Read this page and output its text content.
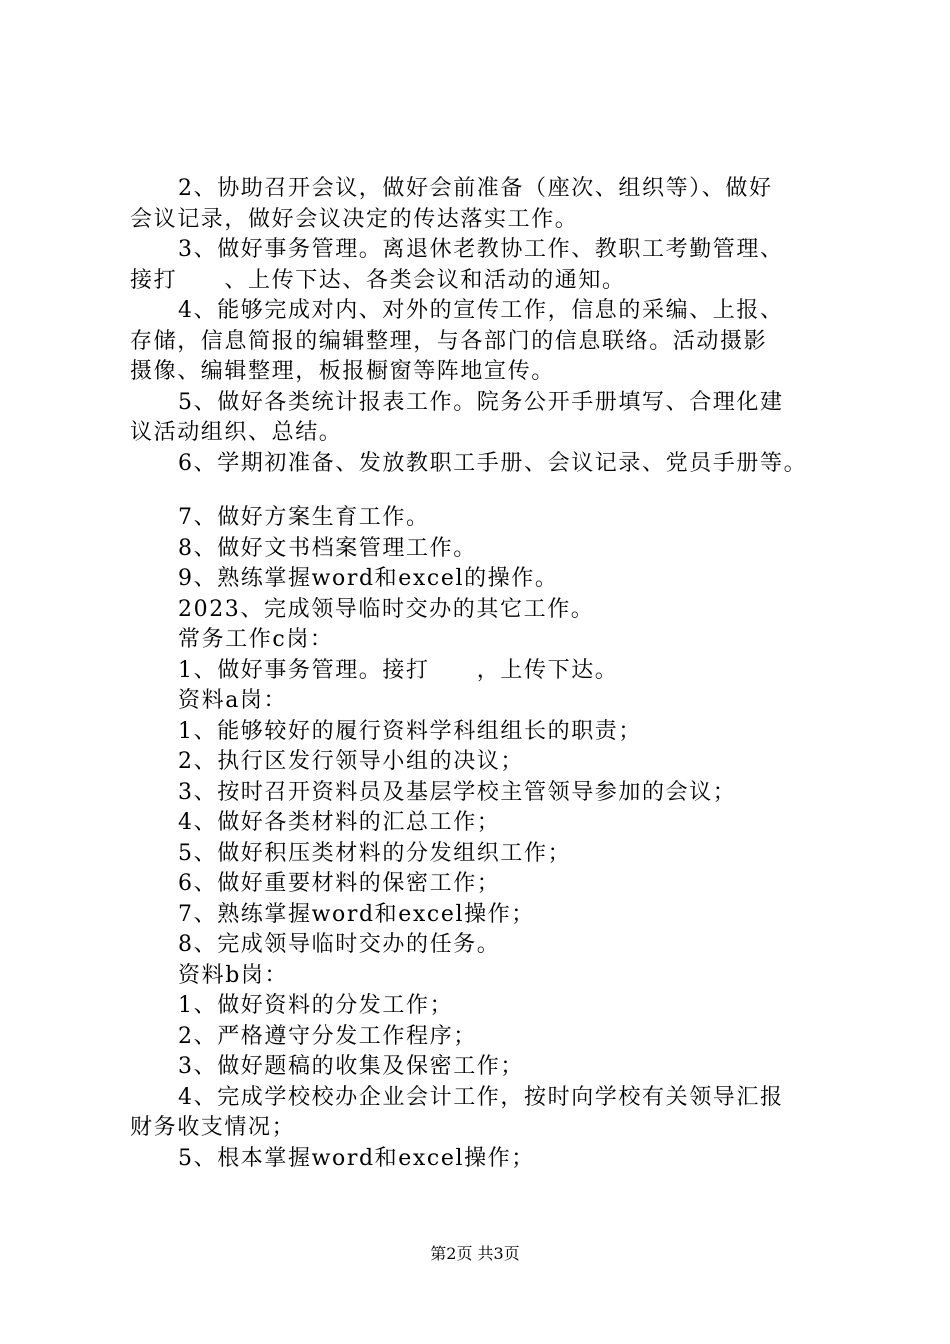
2、协助召开会议，做好会前准备（座次、组织等）、做好
会议记录，做好会议决定的传达落实工作。
3、做好事务管理。离退休老教协工作、教职工考勤管理、
接打　　、上传下达、各类会议和活动的通知。
4、能够完成对内、对外的宣传工作，信息的采编、上报、
存储，信息简报的编辑整理，与各部门的信息联络。活动摄影
摄像、编辑整理，板报橱窗等阵地宣传。
5、做好各类统计报表工作。院务公开手册填写、合理化建
议活动组织、总结。
6、学期初准备、发放教职工手册、会议记录、党员手册等。
7、做好方案生育工作。
8、做好文书档案管理工作。
9、熟练掌握word和excel的操作。
2023、完成领导临时交办的其它工作。
常务工作c岗：
1、做好事务管理。接打　　，上传下达。
资料a岗：
1、能够较好的履行资料学科组组长的职责；
2、执行区发行领导小组的决议；
3、按时召开资料员及基层学校主管领导参加的会议；
4、做好各类材料的汇总工作；
5、做好积压类材料的分发组织工作；
6、做好重要材料的保密工作；
7、熟练掌握word和excel操作；
8、完成领导临时交办的任务。
资料b岗：
1、做好资料的分发工作；
2、严格遵守分发工作程序；
3、做好题稿的收集及保密工作；
4、完成学校校办企业会计工作，按时向学校有关领导汇报
财务收支情况；
5、根本掌握word和excel操作；
第2页 共3页
